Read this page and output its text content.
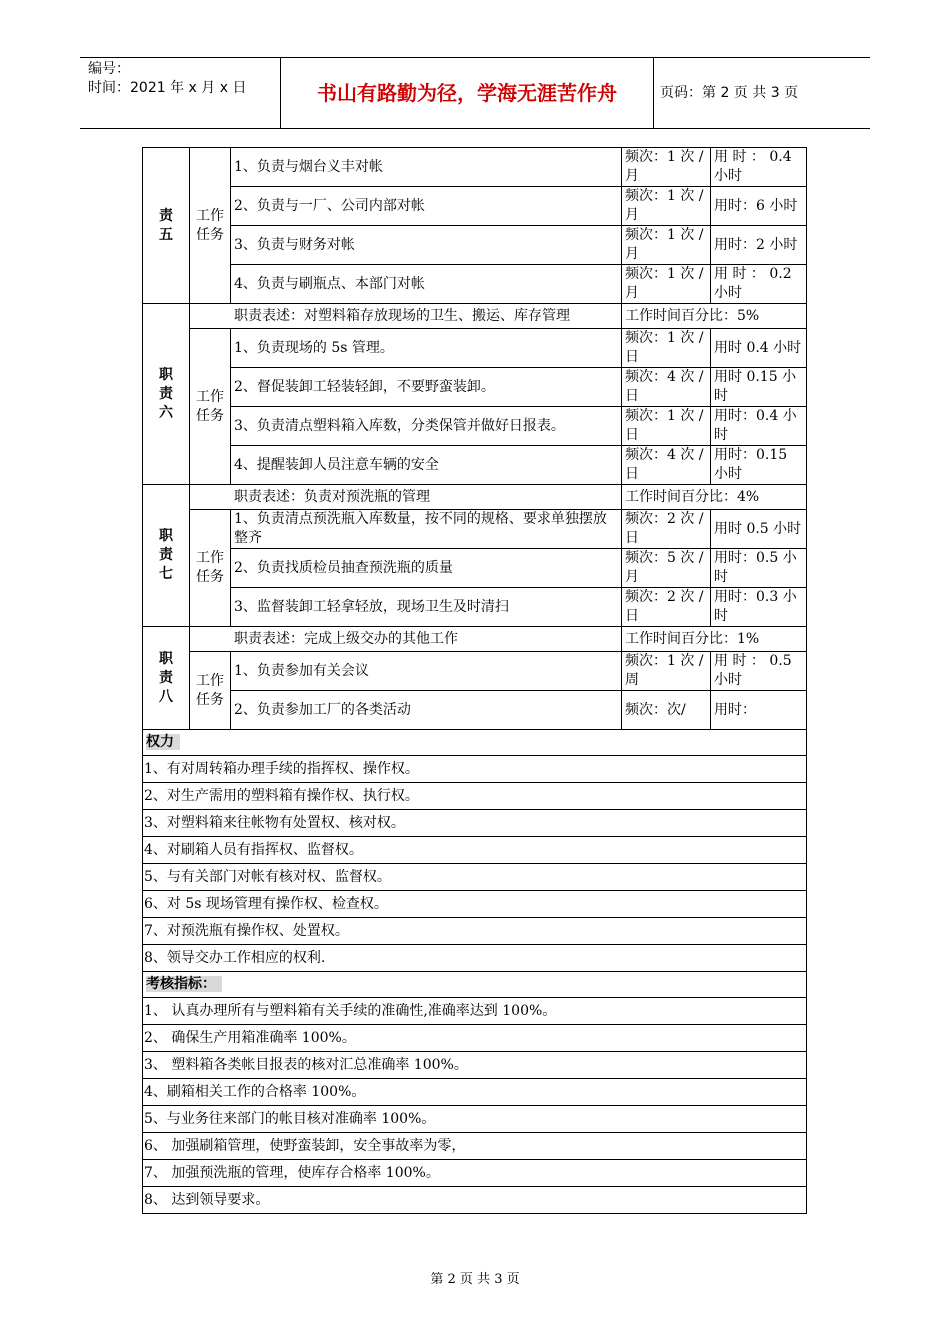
编号：
时间：2021 年 x 月 x 日	书山有路勤为径，学海无涯苦作舟	页码：第 2 页 共 3 页
责
五	工作
任务	1、负责与烟台义丰对帐	频次：1 次 / 月	用 时 ： 0.4 小时
		2、负责与一厂、公司内部对帐	频次：1 次 /月	用时：6 小时
		3、负责与财务对帐	频次：1 次 /月	用时：2 小时
		4、负责与刷瓶点、本部门对帐	频次：1 次 /月	用 时 ： 0.2 小时
职
责
六	职责表述：对塑料箱存放现场的卫生、搬运、库存管理		工作时间百分比：5%	
	工作
任务	1、负责现场的 5s 管理。	频次：1 次 /日	用时 0.4 小时
		2、督促装卸工轻装轻卸，不要野蛮装卸。	频次：4 次 / 日	用时 0.15 小时
		3、负责清点塑料箱入库数，分类保管并做好日报表。	频次：1 次 /日	用时：0.4 小时
		4、提醒装卸人员注意车辆的安全	频次：4 次 /日	用时：0.15 小时
职
责
七	职责表述：负责对预洗瓶的管理		工作时间百分比：4%	
	工作
任务	1、负责清点预洗瓶入库数量，按不同的规格、要求单独摆放整齐	频次：2 次 /日	用时 0.5 小时
		2、负责找质检员抽查预洗瓶的质量	频次：5 次 / 月	用时：0.5 小时
		3、监督装卸工轻拿轻放，现场卫生及时清扫	频次：2 次 /日	用时：0.3 小时
职
责
八	职责表述：完成上级交办的其他工作		工作时间百分比：1%	
	工作
任务	1、负责参加有关会议	频次：1 次 / 周	用 时 ： 0.5 小时
		2、负责参加工厂的各类活动	频次：次/	用时：
权力				
1、有对周转箱办理手续的指挥权、操作权。				
2、对生产需用的塑料箱有操作权、执行权。				
3、对塑料箱来往帐物有处置权、核对权。				
4、对刷箱人员有指挥权、监督权。				
5、与有关部门对帐有核对权、监督权。				
6、对 5s 现场管理有操作权、检查权。				
7、对预洗瓶有操作权、处置权。				
8、领导交办工作相应的权利.				
考核指标：				
1、 认真办理所有与塑料箱有关手续的准确性,准确率达到 100%。				
2、 确保生产用箱准确率 100%。				
3、 塑料箱各类帐目报表的核对汇总准确率 100%。				
4、刷箱相关工作的合格率 100%。				
5、与业务往来部门的帐目核对准确率 100%。				
6、 加强刷箱管理，使野蛮装卸，安全事故率为零，				
7、 加强预洗瓶的管理，使库存合格率 100%。				
8、 达到领导要求。				
第 2 页 共 3 页
